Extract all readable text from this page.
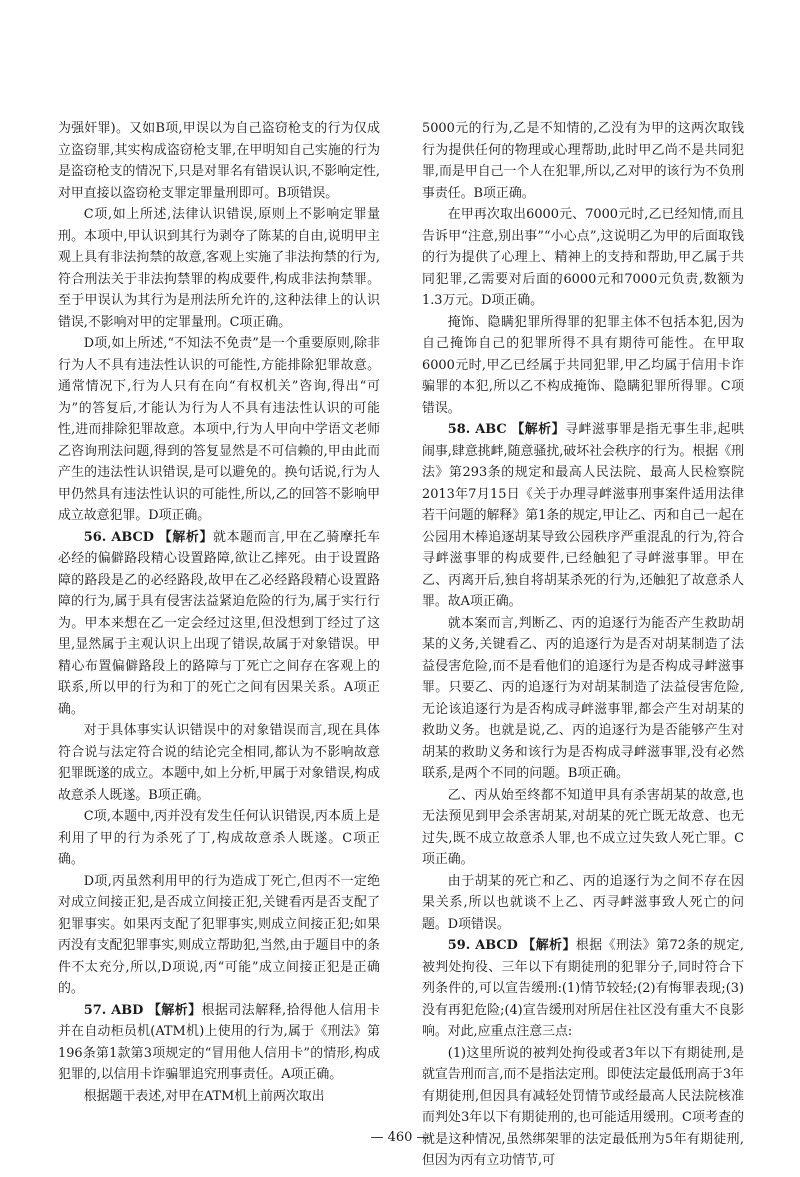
为强奸罪)。又如B项,甲误以为自己盗窃枪支的行为仅成立盗窃罪,其实构成盗窃枪支罪,在甲明知自己实施的行为是盗窃枪支的情况下,只是对罪名有错误认识,不影响定性,对甲直接以盗窃枪支罪定罪量刑即可。B项错误。

C项,如上所述,法律认识错误,原则上不影响定罪量刑。本项中,甲认识到其行为剥夺了陈某的自由,说明甲主观上具有非法拘禁的故意,客观上实施了非法拘禁的行为,符合刑法关于非法拘禁罪的构成要件,构成非法拘禁罪。至于甲误认为其行为是刑法所允许的,这种法律上的认识错误,不影响对甲的定罪量刑。C项正确。

D项,如上所述,“不知法不免责”是一个重要原则,除非行为人不具有违法性认识的可能性,方能排除犯罪故意。通常情况下,行为人只有在向“有权机关”咨询,得出“可为”的答复后,才能认为行为人不具有违法性认识的可能性,进而排除犯罪故意。本项中,行为人甲向中学语文老师乙咨询刑法问题,得到的答复显然是不可信赖的,甲由此而产生的违法性认识错误,是可以避免的。换句话说,行为人甲仍然具有违法性认识的可能性,所以,乙的回答不影响甲成立故意犯罪。D项正确。

56. ABCD 【解析】就本题而言,甲在乙骑摩托车必经的偏僻路段精心设置路障,欲让乙摔死。由于设置路障的路段是乙的必经路段,故甲在乙必经路段精心设置路障的行为,属于具有侵害法益紧迫危险的行为,属于实行行为。甲本来想在乙一定会经过这里,但没想到丁经过了这里,显然属于主观认识上出现了错误,故属于对象错误。甲精心布置偏僻路段上的路障与丁死亡之间存在客观上的联系,所以甲的行为和丁的死亡之间有因果关系。A项正确。

对于具体事实认识错误中的对象错误而言,现在具体符合说与法定符合说的结论完全相同,都认为不影响故意犯罪既遂的成立。本题中,如上分析,甲属于对象错误,构成故意杀人既遂。B项正确。

C项,本题中,丙并没有发生任何认识错误,丙本质上是利用了甲的行为杀死了丁,构成故意杀人既遂。C项正确。

D项,丙虽然利用甲的行为造成丁死亡,但丙不一定绝对成立间接正犯,是否成立间接正犯,关键看丙是否支配了犯罪事实。如果丙支配了犯罪事实,则成立间接正犯;如果丙没有支配犯罪事实,则成立帮助犯,当然,由于题目中的条件不太充分,所以,D项说,丙“可能”成立间接正犯是正确的。

57. ABD 【解析】根据司法解释,拾得他人信用卡并在自动柜员机(ATM机)上使用的行为,属于《刑法》第196条第1款第3项规定的“冒用他人信用卡”的情形,构成犯罪的,以信用卡诈骗罪追究刑事责任。A项正确。

根据题干表述,对甲在ATM机上前两次取出

5000元的行为,乙是不知情的,乙没有为甲的这两次取钱行为提供任何的物理或心理帮助,此时甲乙尚不是共同犯罪,而是甲自己一个人在犯罪,所以,乙对甲的该行为不负刑事责任。B项正确。

在甲再次取出6000元、7000元时,乙已经知情,而且告诉甲“注意,别出事”“小心点”,这说明乙为甲的后面取钱的行为提供了心理上、精神上的支持和帮助,甲乙属于共同犯罪,乙需要对后面的6000元和7000元负责,数额为1.3万元。D项正确。

掩饰、隐瞒犯罪所得罪的犯罪主体不包括本犯,因为自己掩饰自己的犯罪所得不具有期待可能性。在甲取6000元时,甲乙已经属于共同犯罪,甲乙均属于信用卡诈骗罪的本犯,所以乙不构成掩饰、隐瞒犯罪所得罪。C项错误。

58. ABC 【解析】寻衅滋事罪是指无事生非,起哄闹事,肆意挑衅,随意骚扰,破坏社会秩序的行为。根据《刑法》第293条的规定和最高人民法院、最高人民检察院2013年7月15日《关于办理寻衅滋事刑事案件适用法律若干问题的解释》第1条的规定,甲让乙、丙和自己一起在公园用木棒追逐胡某导致公园秩序严重混乱的行为,符合寻衅滋事罪的构成要件,已经触犯了寻衅滋事罪。甲在乙、丙离开后,独自将胡某杀死的行为,还触犯了故意杀人罪。故A项正确。

就本案而言,判断乙、丙的追逐行为能否产生救助胡某的义务,关键看乙、丙的追逐行为是否对胡某制造了法益侵害危险,而不是看他们的追逐行为是否构成寻衅滋事罪。只要乙、丙的追逐行为对胡某制造了法益侵害危险,无论该追逐行为是否构成寻衅滋事罪,都会产生对胡某的救助义务。也就是说,乙、丙的追逐行为是否能够产生对胡某的救助义务和该行为是否构成寻衅滋事罪,没有必然联系,是两个不同的问题。B项正确。

乙、丙从始至终都不知道甲具有杀害胡某的故意,也无法预见到甲会杀害胡某,对胡某的死亡既无故意、也无过失,既不成立故意杀人罪,也不成立过失致人死亡罪。C项正确。

由于胡某的死亡和乙、丙的追逐行为之间不存在因果关系,所以也就谈不上乙、丙寻衅滋事致人死亡的问题。D项错误。

59. ABCD 【解析】根据《刑法》第72条的规定,被判处拘役、三年以下有期徒刑的犯罪分子,同时符合下列条件的,可以宣告缓刑:(1)情节较轻;(2)有悔罪表现;(3)没有再犯危险;(4)宣告缓刑对所居住社区没有重大不良影响。对此,应重点注意三点:

(1)这里所说的被判处拘役或者3年以下有期徒刑,是就宣告刑而言,而不是指法定刑。即使法定最低刑高于3年有期徒刑,但因具有减轻处罚情节或经最高人民法院核准而判处3年以下有期徒刑的,也可能适用缓刑。C项考查的就是这种情况,虽然绑架罪的法定最低刑为5年有期徒刑,但因为丙有立功情节,可

— 460 —
